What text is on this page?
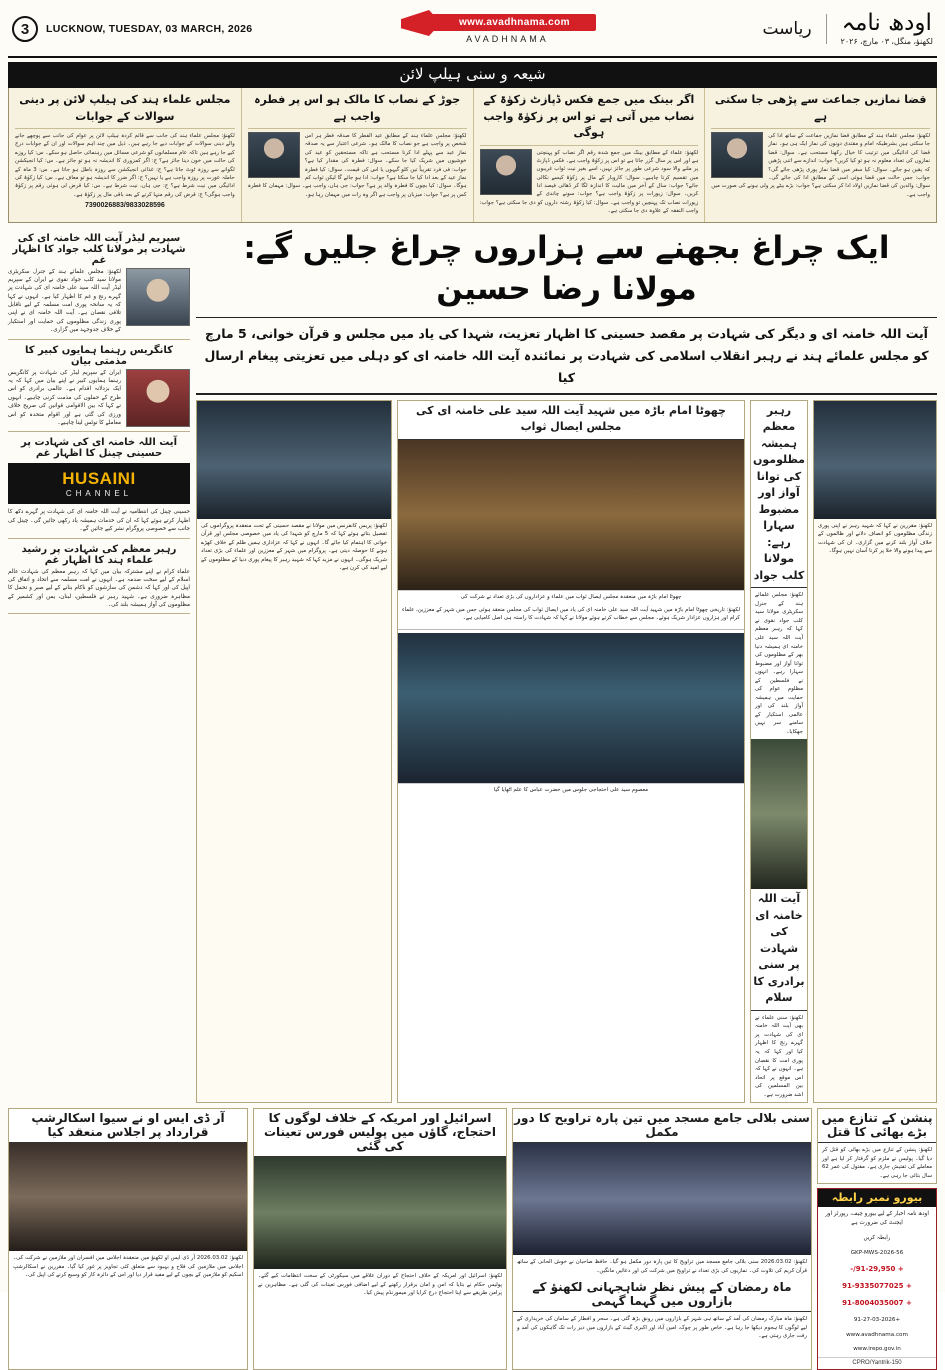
3	LUCKNOW, TUESDAY, 03 MARCH, 2026
www.avadhnama.com
AVADHNAMA	ریاست اودھ نامہ
لکھنؤ، منگل، ۰۳ مارچ، ۲۰۲۶
شیعہ و سنی ہیلپ لائن
مجلس علماء ہند کی ہیلپ لائن پر دینی سوالات کے جوابات
لکھنؤ: مجلس علماء ہند کی جانب سے قائم کردہ ہیلپ لائن پر عوام کی جانب سے پوچھے جانے والے دینی سوالات کے جوابات دیے جا رہے ہیں۔ ذیل میں چند اہم سوالات اور ان کے جوابات درج کیے جا رہے ہیں تاکہ عام مسلمانوں کو شرعی مسائل میں رہنمائی حاصل ہو سکے۔ س: کیا روزے کی حالت میں خون دینا جائز ہے؟ ج: اگر کمزوری کا اندیشہ نہ ہو تو جائز ہے۔ س: کیا انجیکشن لگوانے سے روزہ ٹوٹ جاتا ہے؟ ج: غذائی انجیکشن سے روزہ باطل ہو جاتا ہے۔ س: 3 ماہ کے حاملہ عورت پر روزہ واجب ہے یا نہیں؟ ج: اگر ضرر کا اندیشہ ہو تو معاف ہے۔ س: کیا زکوٰۃ کی ادائیگی میں نیت شرط ہے؟ ج: جی ہاں، نیت شرط ہے۔ س: کیا قرض لی ہوئی رقم پر زکوٰۃ واجب ہوگی؟ ج: قرض کی رقم منہا کرنے کے بعد باقی مال پر زکوٰۃ ہے۔
7390026883/9833028596
جوڑ کے نصاب کا مالک ہو اس پر فطرہ واجب ہے
لکھنؤ: مجلس علماء ہند کے مطابق عید الفطر کا صدقہ فطر ہر اس شخص پر واجب ہے جو نصاب کا مالک ہو۔ شرعی اعتبار سے یہ صدقہ نماز عید سے پہلے ادا کرنا مستحب ہے تاکہ مستحقین کو عید کی خوشیوں میں شریک کیا جا سکے۔ سوال: فطرہ کی مقدار کیا ہے؟ جواب: فی فرد تقریباً تین کلو گیہوں یا اس کی قیمت۔ سوال: کیا فطرہ نماز عید کے بعد ادا کیا جا سکتا ہے؟ جواب: ادا ہو جائے گا لیکن ثواب کم ہوگا۔ سوال: کیا بچوں کا فطرہ والد پر ہے؟ جواب: جی ہاں، واجب ہے۔ سوال: مہمان کا فطرہ کس پر ہے؟ جواب: میزبان پر واجب ہے اگر وہ رات میں مہمان رہا ہو۔
اگر بینک میں جمع فکس ڈپازٹ زکوٰۃ کے نصاب میں آتی ہے تو اس پر زکوٰۃ واجب ہوگی
لکھنؤ: علماء کے مطابق بینک میں جمع شدہ رقم اگر نصاب کو پہنچتی ہے اور اس پر سال گزر جاتا ہے تو اس پر زکوٰۃ واجب ہے۔ فکس ڈپازٹ پر ملنے والا سود شرعی طور پر جائز نہیں، اسے بغیر نیت ثواب غریبوں میں تقسیم کرنا چاہیے۔ سوال: کاروبار کے مال پر زکوٰۃ کیسے نکالی جائے؟ جواب: سال کے آخر میں مالیت کا اندازہ لگا کر ڈھائی فیصد ادا کریں۔ سوال: زیورات پر زکوٰۃ واجب ہے؟ جواب: سونے چاندی کے زیورات نصاب تک پہنچیں تو واجب ہے۔ سوال: کیا زکوٰۃ رشتہ داروں کو دی جا سکتی ہے؟ جواب: واجب النفقہ کے علاوہ دی جا سکتی ہے۔
قضا نمازیں جماعت سے پڑھی جا سکتی ہے
لکھنؤ: مجلس علماء ہند کے مطابق قضا نمازیں جماعت کے ساتھ ادا کی جا سکتی ہیں بشرطیکہ امام و مقتدی دونوں کی نماز ایک ہی ہو۔ نماز قضا کی ادائیگی میں ترتیب کا خیال رکھنا مستحب ہے۔ سوال: قضا نمازوں کی تعداد معلوم نہ ہو تو کیا کریں؟ جواب: اندازے سے اتنی پڑھیں کہ یقین ہو جائے۔ سوال: کیا سفر میں قضا نماز پوری پڑھی جائے گی؟ جواب: جس حالت میں قضا ہوئی اسی کے مطابق ادا کی جائے گی۔ سوال: والدین کی قضا نمازیں اولاد ادا کر سکتی ہے؟ جواب: بڑے بیٹے پر ولی ہونے کی صورت میں واجب ہے۔
سپریم لیڈر آیت اللہ خامنہ ای کی شہادت پر مولانا کلب جواد کا اظہار غم
لکھنؤ: مجلس علمائے ہند کے جنرل سکریٹری مولانا سید کلب جواد نقوی نے ایران کے سپریم لیڈر آیت اللہ سید علی خامنہ ای کی شہادت پر گہرے رنج و غم کا اظہار کیا ہے۔ انہوں نے کہا کہ یہ سانحہ پوری امت مسلمہ کے لیے ناقابل تلافی نقصان ہے۔ آیت اللہ خامنہ ای نے اپنی پوری زندگی مظلوموں کی حمایت اور استکبار کے خلاف جدوجہد میں گزاری۔
کانگریس رہنما ہمایوں کبیر کا مذمتی بیان
ایران کے سپریم لیڈر کی شہادت پر کانگریس رہنما ہمایوں کبیر نے اپنے بیان میں کہا کہ یہ ایک بزدلانہ اقدام ہے۔ عالمی برادری کو اس طرح کے حملوں کی مذمت کرنی چاہیے۔ انہوں نے کہا کہ بین الاقوامی قوانین کی صریح خلاف ورزی کی گئی ہے اور اقوام متحدہ کو اس معاملے کا نوٹس لینا چاہیے۔
آیت اللہ خامنہ ای کی شہادت پر حسینی چینل کا اظہار غم
HUSAINI
CHANNEL
حسینی چینل کی انتظامیہ نے آیت اللہ خامنہ ای کی شہادت پر گہرے دکھ کا اظہار کرتے ہوئے کہا کہ ان کی خدمات ہمیشہ یاد رکھی جائیں گی۔ چینل کی جانب سے خصوصی پروگرام نشر کیے جائیں گے۔
رہبر معظم کی شہادت پر رشید علماء ہند کا اظہار غم
علماء کرام نے اپنے مشترکہ بیان میں کہا کہ رہبر معظم کی شہادت عالم اسلام کے لیے سخت صدمہ ہے۔ انہوں نے امت مسلمہ سے اتحاد و اتفاق کی اپیل کی اور کہا کہ دشمن کی سازشوں کو ناکام بنانے کے لیے صبر و تحمل کا مظاہرہ ضروری ہے۔ شہید رہبر نے فلسطین، لبنان، یمن اور کشمیر کے مظلوموں کی آواز ہمیشہ بلند کی۔
ایک چراغ بجھنے سے ہزاروں چراغ جلیں گے: مولانا رضا حسین
آیت اللہ خامنہ ای و دیگر کی شہادت پر مقصد حسینی کا اظہار تعزیت، شہدا کی یاد میں مجلس و قرآن خوانی، 5 مارچ کو مجلس علمائے ہند نے رہبر انقلاب اسلامی کی شہادت پر نمائندہ آیت اللہ خامنہ ای کو دہلی میں تعزیتی پیغام ارسال کیا
لکھنؤ: پریس کانفرنس میں مولانا نے مقصد حسینی کے تحت منعقدہ پروگراموں کی تفصیل بتاتے ہوئے کہا کہ 5 مارچ کو شہدا کی یاد میں خصوصی مجلس اور قرآن خوانی کا اہتمام کیا جائے گا۔ انہوں نے کہا کہ عزاداری ہمیں ظلم کے خلاف کھڑے ہونے کا حوصلہ دیتی ہے۔ پروگرام میں شہر کے معززین اور علماء کی بڑی تعداد شریک ہوگی۔ انہوں نے مزید کہا کہ شہید رہبر کا پیغام پوری دنیا کے مظلوموں کے لیے امید کی کرن ہے۔
چھوٹا امام باڑہ میں شہید آیت اللہ سید علی خامنہ ای کی مجلس ایصال ثواب
چھوٹا امام باڑہ میں منعقدہ مجلس ایصال ثواب میں علماء و عزاداروں کی بڑی تعداد نے شرکت کی
لکھنؤ: تاریخی چھوٹا امام باڑہ میں شہید آیت اللہ سید علی خامنہ ای کی یاد میں ایصال ثواب کی مجلس منعقد ہوئی جس میں شہر کے معززین، علماء کرام اور ہزاروں عزادار شریک ہوئے۔ مجلس سے خطاب کرتے ہوئے مولانا نے کہا کہ شہادت کا راستہ ہی اصل کامیابی ہے۔
معصوم سید علی احتجاجی جلوس میں حضرت عباس کا علم اٹھایا گیا
رہبر معظم ہمیشہ مظلوموں کی توانا آواز اور مضبوط سہارا رہے: مولانا کلب جواد
لکھنؤ: مجلس علمائے ہند کے جنرل سکریٹری مولانا سید کلب جواد نقوی نے کہا کہ رہبر معظم آیت اللہ سید علی خامنہ ای ہمیشہ دنیا بھر کے مظلوموں کی توانا آواز اور مضبوط سہارا رہے۔ انہوں نے فلسطین کے مظلوم عوام کی حمایت میں ہمیشہ آواز بلند کی اور عالمی استکبار کے سامنے سر نہیں جھکایا۔
آیت اللہ خامنہ ای کی شہادت پر سنی برادری کا سلام
لکھنؤ: سنی علماء نے بھی آیت اللہ خامنہ ای کی شہادت پر گہرے رنج کا اظہار کیا اور کہا کہ یہ پوری امت کا نقصان ہے۔ انہوں نے کہا کہ اس موقع پر اتحاد بین المسلمین کی اشد ضرورت ہے۔
لکھنؤ: مقررین نے کہا کہ شہید رہبر نے اپنی پوری زندگی مظلوموں کو انصاف دلانے اور ظالموں کے خلاف آواز بلند کرنے میں گزاری۔ ان کی شہادت سے پیدا ہونے والا خلا پر کرنا آسان نہیں ہوگا۔
آر ڈی ایس او نے سیوا اسکالرشپ قرارداد پر اجلاس منعقد کیا
لکھنؤ: 2026.03.02 آر ڈی ایس او لکھنؤ میں منعقدہ اجلاس میں افسران اور ملازمین نے شرکت کی۔ اجلاس میں ملازمین کی فلاح و بہبود سے متعلق کئی تجاویز پر غور کیا گیا۔ مقررین نے اسکالرشپ اسکیم کو ملازمین کے بچوں کے لیے مفید قرار دیا اور اس کے دائرہ کار کو وسیع کرنے کی اپیل کی۔
اسرائیل اور امریکہ کے خلاف لوگوں کا احتجاج، گاؤں میں پولیس فورس تعینات کی گئی
لکھنؤ: اسرائیل اور امریکہ کے خلاف احتجاج کے دوران علاقے میں سیکورٹی کے سخت انتظامات کیے گئے۔ پولیس حکام نے بتایا کہ امن و امان برقرار رکھنے کے لیے اضافی فورس تعینات کی گئی ہے۔ مظاہرین نے پرامن طریقے سے اپنا احتجاج درج کرایا اور میمورنڈم پیش کیا۔
سنی بلالی جامع مسجد میں تین پارہ تراویح کا دور مکمل
لکھنؤ: 2026.03.02 سنی بلالی جامع مسجد میں تراویح کا تین پارہ دور مکمل ہو گیا۔ حافظ صاحبان نے خوش الحانی کے ساتھ قرآن کریم کی تلاوت کی۔ نمازیوں کی بڑی تعداد نے تراویح میں شرکت کی اور دعائیں مانگیں۔
ماہ رمضان کے پیش نظر شاہجہانی لکھنؤ کے بازاروں میں گہما گہمی
لکھنؤ: ماہ مبارک رمضان کی آمد کے ساتھ ہی شہر کے بازاروں میں رونق بڑھ گئی ہے۔ سحر و افطار کے سامان کی خریداری کے لیے لوگوں کا ہجوم دیکھا جا رہا ہے۔ خاص طور پر چوک، امین آباد اور اکبری گیٹ کے بازاروں میں دیر رات تک گاہکوں کی آمد و رفت جاری رہتی ہے۔
پنشن کے تنازع میں بڑے بھائی کا قتل
لکھنؤ: پنشن کے تنازع میں بڑے بھائی کو قتل کر دیا گیا۔ پولیس نے ملزم کو گرفتار کر لیا ہے اور معاملے کی تفتیش جاری ہے۔ مقتول کی عمر 62 سال بتائی جا رہی ہے۔
بیورو نمبر رابطہ
اودھ نامہ اخبار کے لیے بیورو چیف، رپورٹر اور ایجنٹ کی ضرورت ہے
رابطہ کریں
56-GKP-MWS-2026
+ 91-29,950/-
+ 91-9335077025
+ 91-8004035007
+91-27-03-2026
www.avadhnama.com
www.irepo.gov.in
CPRO/Yantrik-150
